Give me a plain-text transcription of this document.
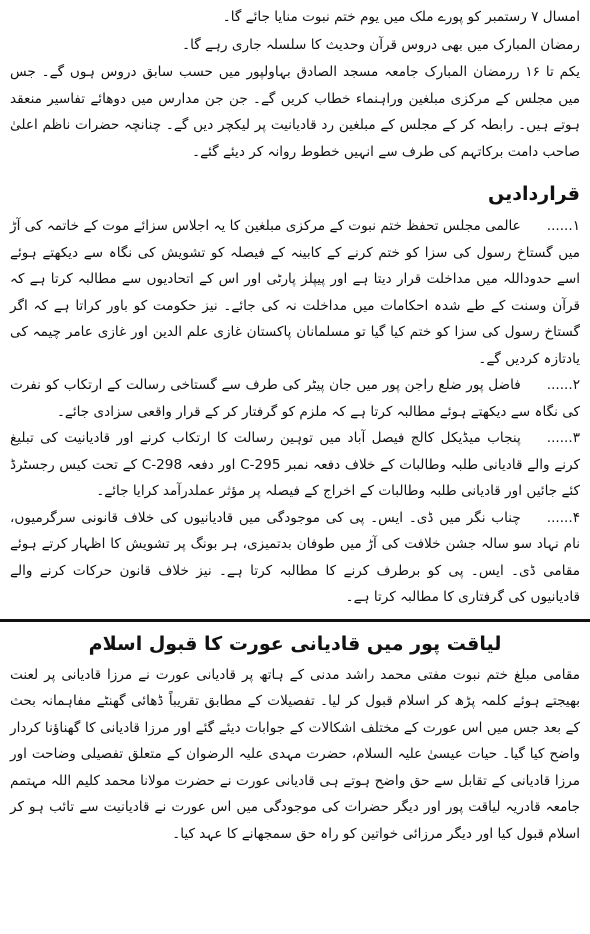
امسال ۷ رستمبر کو پورے ملک میں یوم ختم نبوت منایا جائے گا۔

رمضان المبارک میں بھی دروس قرآن وحدیث کا سلسلہ جاری رہے گا۔

یکم تا ۱۶ ررمضان المبارک جامعہ مسجد الصادق بہاولپور میں حسب سابق دروس ہوں گے۔ جس میں مجلس کے مرکزی مبلغین وراہنماء خطاب کریں گے۔ جن جن مدارس میں دوھائے تفاسیر منعقد ہوتے ہیں۔ رابطہ کر کے مجلس کے مبلغین رد قادیانیت پر لیکچر دیں گے۔ چنانچہ حضرات ناظم اعلیٰ صاحب دامت برکاتہم کی طرف سے انہیں خطوط روانہ کر دیئے گئے۔

قراردادیں

۱......عالمی مجلس تحفظ ختم نبوت کے مرکزی مبلغین کا یہ اجلاس سزائے موت کے خاتمہ کی آڑ میں گستاخ رسول کی سزا کو ختم کرنے کے کابینہ کے فیصلہ کو تشویش کی نگاہ سے دیکھتے ہوئے اسے حدوداللہ میں مداخلت قرار دیتا ہے اور پیپلز پارٹی اور اس کے اتحادیوں سے مطالبہ کرتا ہے کہ قرآن وسنت کے طے شدہ احکامات میں مداخلت نہ کی جائے۔ نیز حکومت کو باور کراتا ہے کہ اگر گستاخ رسول کی سزا کو ختم کیا گیا تو مسلمانان پاکستان غازی علم الدین اور غازی عامر چیمہ کی یادتازہ کردیں گے۔

۲......فاضل پور ضلع راجن پور میں جان پیٹر کی طرف سے گستاخی رسالت کے ارتکاب کو نفرت کی نگاہ سے دیکھتے ہوئے مطالبہ کرتا ہے کہ ملزم کو گرفتار کر کے قرار واقعی سزادی جائے۔

۳......پنجاب میڈیکل کالج فیصل آباد میں توہین رسالت کا ارتکاب کرنے اور قادیانیت کی تبلیغ کرنے والے قادیانی طلبہ وطالبات کے خلاف دفعہ نمبر C-295 اور دفعہ C-298 کے تحت کیس رجسٹرڈ کئے جائیں اور قادیانی طلبہ وطالبات کے اخراج کے فیصلہ پر مؤثر عملدرآمد کرایا جائے۔

۴......چناب نگر میں ڈی۔ ایس۔ پی کی موجودگی میں قادیانیوں کی خلاف قانونی سرگرمیوں، نام نہاد سو سالہ جشن خلافت کی آڑ میں طوفان بدتمیزی، ہر بونگ پر تشویش کا اظہار کرتے ہوئے مقامی ڈی۔ ایس۔ پی کو برطرف کرنے کا مطالبہ کرتا ہے۔ نیز خلاف قانون حرکات کرنے والے قادیانیوں کی گرفتاری کا مطالبہ کرتا ہے۔

لیاقت پور میں قادیانی عورت کا قبول اسلام

مقامی مبلغ ختم نبوت مفتی محمد راشد مدنی کے ہاتھ پر قادیانی عورت نے مرزا قادیانی پر لعنت بھیجتے ہوئے کلمہ پڑھ کر اسلام قبول کر لیا۔ تفصیلات کے مطابق تقریباً ڈھائی گھنٹے مفاہمانہ بحث کے بعد جس میں اس عورت کے مختلف اشکالات کے جوابات دیئے گئے اور مرزا قادیانی کا گھناؤنا کردار واضح کیا گیا۔ حیات عیسیٰ علیہ السلام، حضرت مہدی علیہ الرضوان کے متعلق تفصیلی وضاحت اور مرزا قادیانی کے تقابل سے حق واضح ہوتے ہی قادیانی عورت نے حضرت مولانا محمد کلیم اللہ مہتمم جامعہ قادریہ لیاقت پور اور دیگر حضرات کی موجودگی میں اس عورت نے قادیانیت سے تائب ہو کر اسلام قبول کیا اور دیگر مرزائی خواتین کو راہ حق سمجھانے کا عہد کیا۔
